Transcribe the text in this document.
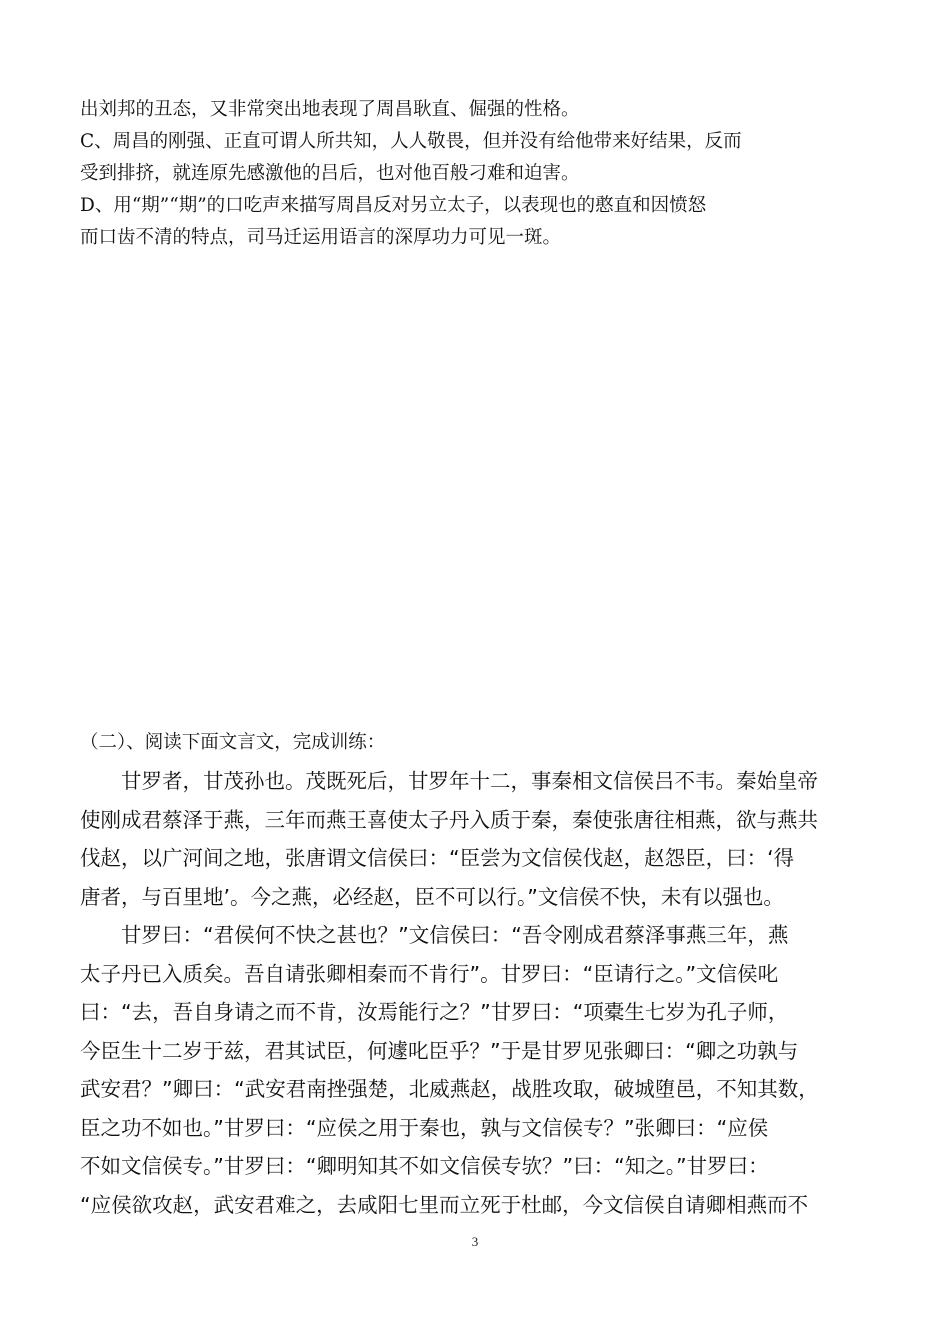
出刘邦的丑态，又非常突出地表现了周昌耿直、倔强的性格。
C、周昌的刚强、正直可谓人所共知，人人敬畏，但并没有给他带来好结果，反而
受到排挤，就连原先感激他的吕后，也对他百般刁难和迫害。
D、用“期”“期”的口吃声来描写周昌反对另立太子，以表现也的憨直和因愤怒
而口齿不清的特点，司马迁运用语言的深厚功力可见一斑。
（二）、阅读下面文言文，完成训练：
　　甘罗者，甘茂孙也。茂既死后，甘罗年十二，事秦相文信侯吕不韦。秦始皇帝
使刚成君蔡泽于燕，三年而燕王喜使太子丹入质于秦，秦使张唐往相燕，欲与燕共
伐赵，以广河间之地，张唐谓文信侯曰：“臣尝为文信侯伐赵，赵怨臣，曰：‘得
唐者，与百里地’。今之燕，必经赵，臣不可以行。”文信侯不快，未有以强也。
　　甘罗曰：“君侯何不快之甚也？”文信侯曰：“吾令刚成君蔡泽事燕三年，燕
太子丹已入质矣。吾自请张卿相秦而不肯行”。甘罗曰：“臣请行之。”文信侯叱
曰：“去，吾自身请之而不肯，汝焉能行之？”甘罗曰：“项橐生七岁为孔子师，
今臣生十二岁于兹，君其试臣，何遽叱臣乎？”于是甘罗见张卿曰：“卿之功孰与
武安君？”卿曰：“武安君南挫强楚，北威燕赵，战胜攻取，破城堕邑，不知其数，
臣之功不如也。”甘罗曰：“应侯之用于秦也，孰与文信侯专？”张卿曰：“应侯
不如文信侯专。”甘罗曰：“卿明知其不如文信侯专欤？”曰：“知之。”甘罗曰：
“应侯欲攻赵，武安君难之，去咸阳七里而立死于杜邮，今文信侯自请卿相燕而不
3
